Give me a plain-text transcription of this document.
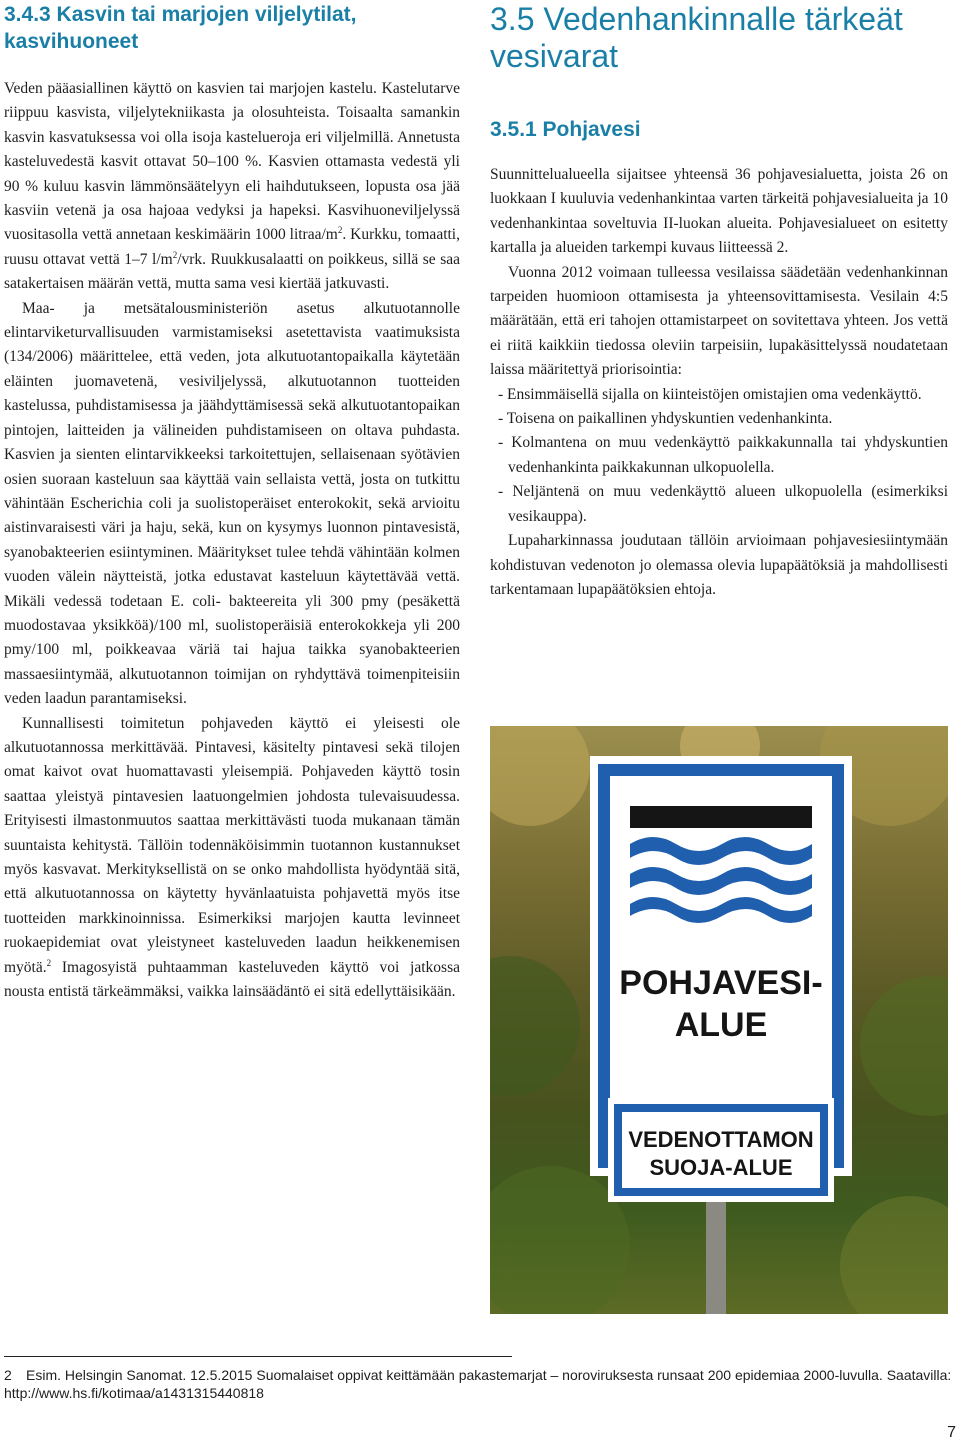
3.4.3 Kasvin tai marjojen viljelytilat, kasvihuoneet

Veden pääasiallinen käyttö on kasvien tai marjojen kastelu. Kastelutarve riippuu kasvista, viljelytekniikasta ja olosuhteista. Toisaalta samankin kasvin kasvatuksessa voi olla isoja kastelueroja eri viljelmillä. Annetusta kasteluvedestä kasvit ottavat 50–100 %. Kasvien ottamasta vedestä yli 90 % kuluu kasvin lämmönsäätelyyn eli haihdutukseen, lopusta osa jää kasviin vetenä ja osa hajoaa vedyksi ja hapeksi. Kasvihuoneviljelyssä vuositasolla vettä annetaan keskimäärin 1000 litraa/$m^2$. Kurkku, tomaatti, ruusu ottavat vettä 1–7 $l/m^2$/vrk. Ruukkusalaatti on poikkeus, sillä se saa satakertaisen määrän vettä, mutta sama vesi kiertää jatkuvasti.

Maa- ja metsätalousministeriön asetus alkutuotannolle elintarviketurvallisuuden varmistamiseksi asetettavista vaatimuksista (134/2006) määrittelee, että veden, jota alkutuotantopaikalla käytetään eläinten juomavetenä, vesiviljelyssä, alkutuotannon tuotteiden kastelussa, puhdistamisessa ja jäähdyttämisessä sekä alkutuotantopaikan pintojen, laitteiden ja välineiden puhdistamiseen on oltava puhdasta. Kasvien ja sienten elintarvikkeeksi tarkoitettujen, sellaisenaan syötävien osien suoraan kasteluun saa käyttää vain sellaista vettä, josta on tutkittu vähintään Escherichia coli ja suolistoperäiset enterokokit, sekä arvioitu aistinvaraisesti väri ja haju, sekä, kun on kysymys luonnon pintavesistä, syanobakteerien esiintyminen. Määritykset tulee tehdä vähintään kolmen vuoden välein näytteistä, jotka edustavat kasteluun käytettävää vettä. Mikäli vedessä todetaan E. coli- bakteereita yli 300 pmy (pesäkettä muodostavaa yksikköä)/100 ml, suolistoperäisiä enterokokkeja yli 200 pmy/100 ml, poikkeavaa väriä tai hajua taikka syanobakteerien massaesiintymää, alkutuotannon toimijan on ryhdyttävä toimenpiteisiin veden laadun parantamiseksi.

Kunnallisesti toimitetun pohjaveden käyttö ei yleisesti ole alkutuotannossa merkittävää. Pintavesi, käsitelty pintavesi sekä tilojen omat kaivot ovat huomattavasti yleisempiä. Pohjaveden käyttö tosin saattaa yleistyä pintavesien laatuongelmien johdosta tulevaisuudessa. Erityisesti ilmastonmuutos saattaa merkittävästi tuoda mukanaan tämän suuntaista kehitystä. Tällöin todennäköisimmin tuotannon kustannukset myös kasvavat. Merkityksellistä on se onko mahdollista hyödyntää sitä, että alkutuotannossa on käytetty hyvänlaatuista pohjavettä myös itse tuotteiden markkinoinnissa. Esimerkiksi marjojen kautta levinneet ruokaepidemiat ovat yleistyneet kasteluveden laadun heikkenemisen myötä.$^2$ Imagosyistä puhtaamman kasteluveden käyttö voi jatkossa nousta entistä tärkeämmäksi, vaikka lainsäädäntö ei sitä edellyttäisikään.

3.5 Vedenhankinnalle tärkeät vesivarat
3.5.1 Pohjavesi

Suunnittelualueella sijaitsee yhteensä 36 pohjavesialuetta, joista 26 on luokkaan I kuuluvia vedenhankintaa varten tärkeitä pohjavesialueita ja 10 vedenhankintaa soveltuvia II-luokan alueita. Pohjavesialueet on esitetty kartalla ja alueiden tarkempi kuvaus liitteessä 2.

Vuonna 2012 voimaan tulleessa vesilaissa säädetään vedenhankinnan tarpeiden huomioon ottamisesta ja yhteensovittamisesta. Vesilain 4:5 määrätään, että eri tahojen ottamistarpeet on sovitettava yhteen. Jos vettä ei riitä kaikkiin tiedossa oleviin tarpeisiin, lupakäsittelyssä noudatetaan laissa määritettyä priorisointia:

- Ensimmäisellä sijalla on kiinteistöjen omistajien oma vedenkäyttö.
- Toisena on paikallinen yhdyskuntien vedenhankinta.
- Kolmantena on muu vedenkäyttö paikkakunnalla tai yhdyskuntien vedenhankinta paikkakunnan ulkopuolella.
- Neljäntenä on muu vedenkäyttö alueen ulkopuolella (esimerkiksi vesikauppa).

Lupaharkinnassa joudutaan tällöin arvioimaan pohjavesiesiintymään kohdistuvan vedenoton jo olemassa olevia lupapäätöksiä ja mahdollisesti tarkentamaan lupapäätöksien ehtoja.

POHJAVESI-
ALUE
VEDENOTTAMON
SUOJA-ALUE
2 Esim. Helsingin Sanomat. 12.5.2015 Suomalaiset oppivat keittämään pakastemarjat – noroviruksesta runsaat 200 epidemiaa 2000-luvulla. Saatavilla: http://www.hs.fi/kotimaa/a1431315440818
7
